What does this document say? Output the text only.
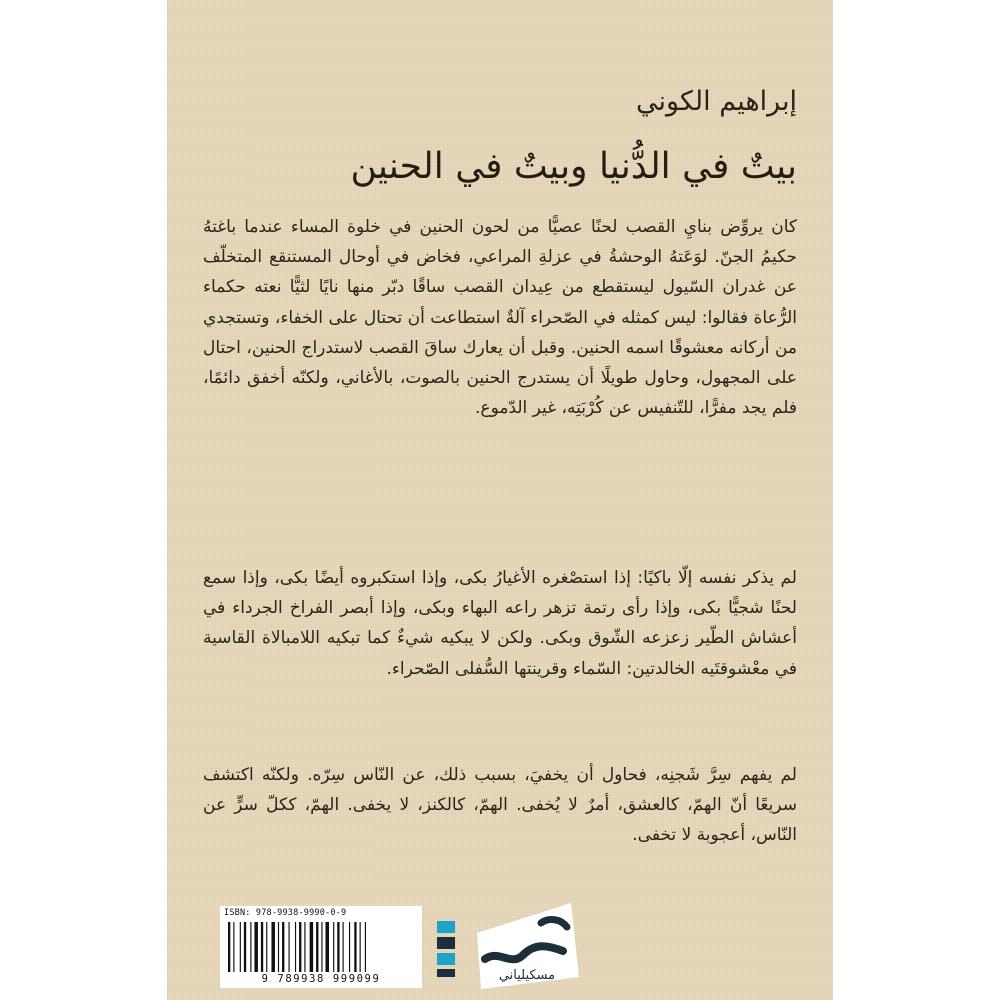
إبراهيم الكوني
بيتٌ في الدُّنيا وبيتٌ في الحنين

كان يروِّض بنايِ القصب لحنًا عصيًّا من لحون الحنين في خلوة المساء عندما باغتهُ حكيمُ الجنّ. لوَعَتهُ الوحشةُ في عزلةِ المراعي، فخاض في أوحال المستنقع المتخلّف عن غدران السّيول ليستقطع من عِيدان القصب ساقًا دبّر منها نايًا لثيًّا نعته حكماء الرُّعاة فقالوا: ليس كمثله في الصّحراء آلةٌ استطاعت أن تحتال على الخفاء، وتستجدي من أركانه معشوقًا اسمه الحنين. وقبل أن يعارك ساقَ القصب لاستدراج الحنين، احتال على المجهول، وحاول طويلًا أن يستدرج الحنين بالصوت، بالأغاني، ولكنّه أخفق دائمًا، فلم يجد مفرًّا، للتّنفيس عن كُرْبَتِه، غير الدّموع.

لم يذكر نفسه إلّا باكيًا: إذا استصْغره الأغيارُ بكى، وإذا استكبروه أيضًا بكى، وإذا سمع لحنًا شجيًّا بكى، وإذا رأى رتمة تزهر راعه البهاء وبكى، وإذا أبصر الفراخ الجرداء في أعشاش الطّير زعزعه الشّوق وبكى. ولكن لا يبكيه شيءٌ كما تبكيه اللامبالاة القاسية في معْشوقتَيه الخالدتين: السّماء وقرينتها السُّفلى الصّحراء.

لم يفهم سِرَّ شَجنِه، فحاول أن يخفيَ، بسبب ذلك، عن النّاس سِرّه. ولكنّه اكتشف سريعًا أنّ الهمّ، كالعشق، أمرٌ لا يُخفى. الهمّ، كالكنز، لا يخفى. الهمّ، ككلّ سرٍّ عن النّاس، أعجوبة لا تخفى.

ISBN: 978-9938-9990-0-9
9 789938 999099	مسكيلياني
